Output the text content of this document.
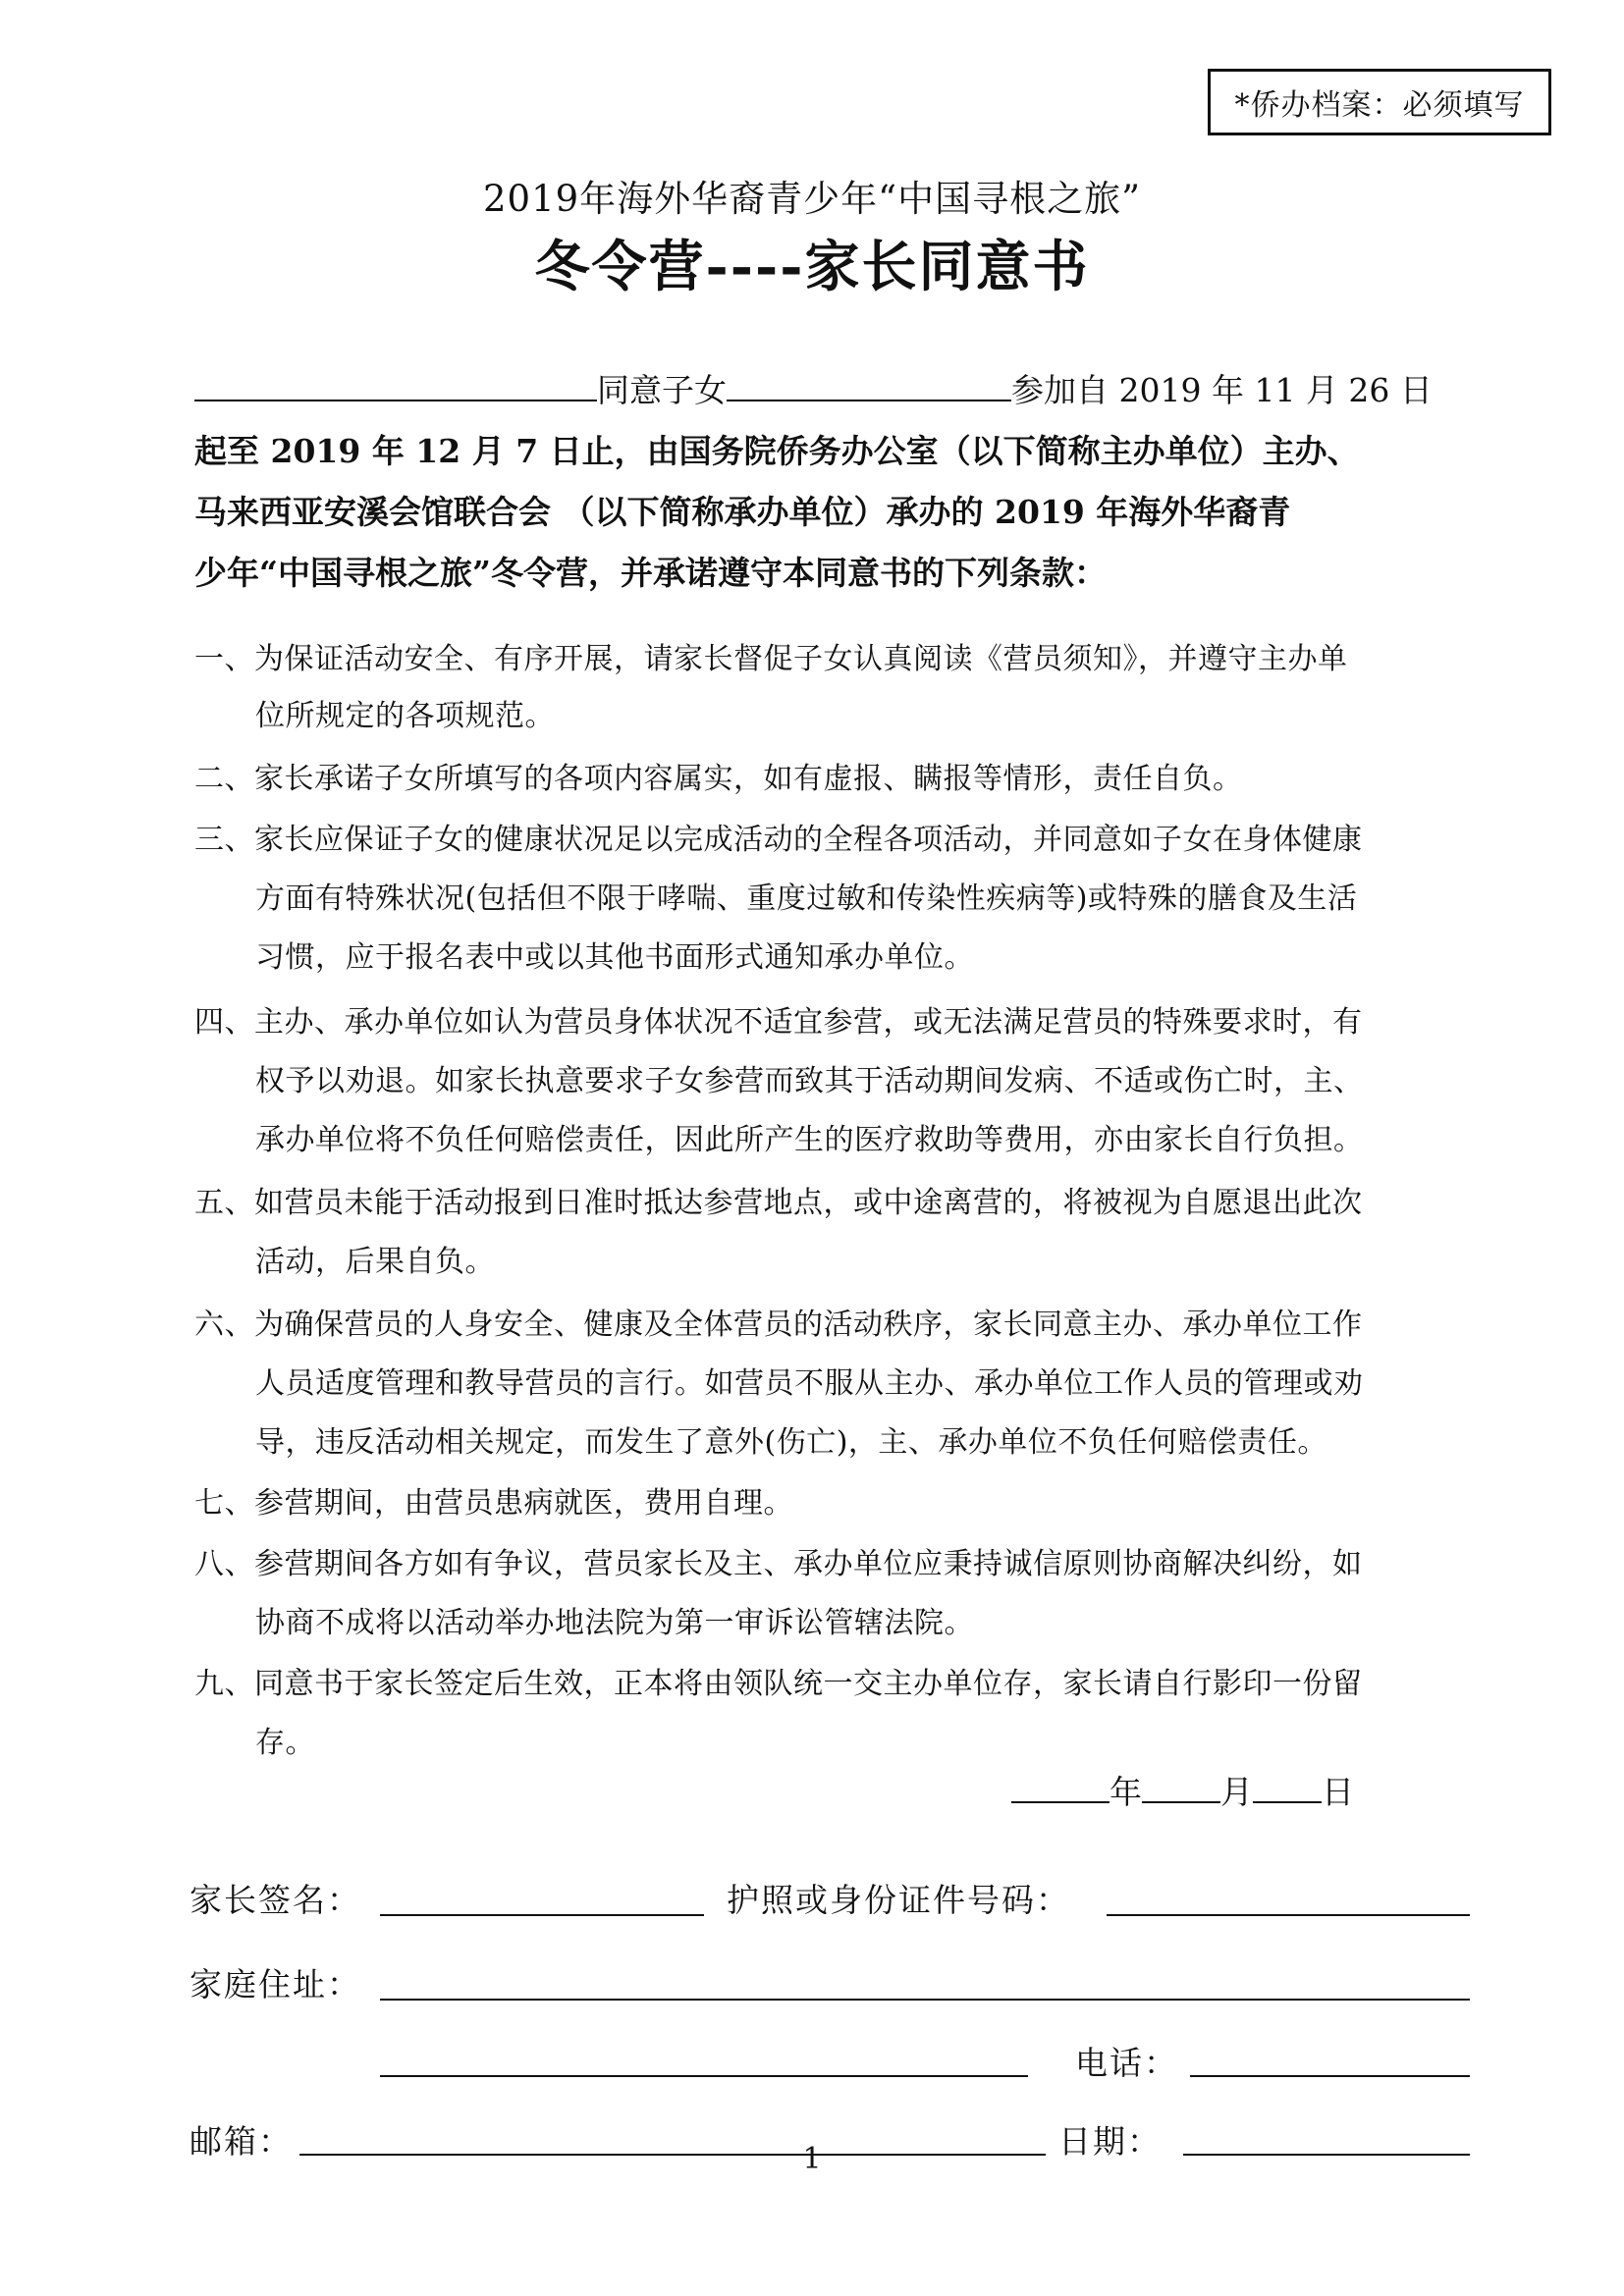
*侨办档案：必须填写
2019年海外华裔青少年“中国寻根之旅”
冬令营----家长同意书
同意子女	参加自 2019 年 11 月 26 日
起至 2019 年 12 月 7 日止，由国务院侨务办公室（以下简称主办单位）主办、
马来西亚安溪会馆联合会 （以下简称承办单位）承办的 2019 年海外华裔青
少年“中国寻根之旅”冬令营，并承诺遵守本同意书的下列条款：
一、为保证活动安全、有序开展，请家长督促子女认真阅读《营员须知》，并遵守主办单
位所规定的各项规范。
二、家长承诺子女所填写的各项内容属实，如有虚报、瞒报等情形，责任自负。
三、家长应保证子女的健康状况足以完成活动的全程各项活动，并同意如子女在身体健康
方面有特殊状况(包括但不限于哮喘、重度过敏和传染性疾病等)或特殊的膳食及生活
习惯，应于报名表中或以其他书面形式通知承办单位。
四、主办、承办单位如认为营员身体状况不适宜参营，或无法满足营员的特殊要求时，有
权予以劝退。如家长执意要求子女参营而致其于活动期间发病、不适或伤亡时，主、
承办单位将不负任何赔偿责任，因此所产生的医疗救助等费用，亦由家长自行负担。
五、如营员未能于活动报到日准时抵达参营地点，或中途离营的，将被视为自愿退出此次
活动，后果自负。
六、为确保营员的人身安全、健康及全体营员的活动秩序，家长同意主办、承办单位工作
人员适度管理和教导营员的言行。如营员不服从主办、承办单位工作人员的管理或劝
导，违反活动相关规定，而发生了意外(伤亡)，主、承办单位不负任何赔偿责任。
七、参营期间，由营员患病就医，费用自理。
八、参营期间各方如有争议，营员家长及主、承办单位应秉持诚信原则协商解决纠纷，如
协商不成将以活动举办地法院为第一审诉讼管辖法院。
九、同意书于家长签定后生效，正本将由领队统一交主办单位存，家长请自行影印一份留
存。
年 月 日
家长签名：	护照或身份证件号码：
家庭住址：
电话：
邮箱：	日期：
1
